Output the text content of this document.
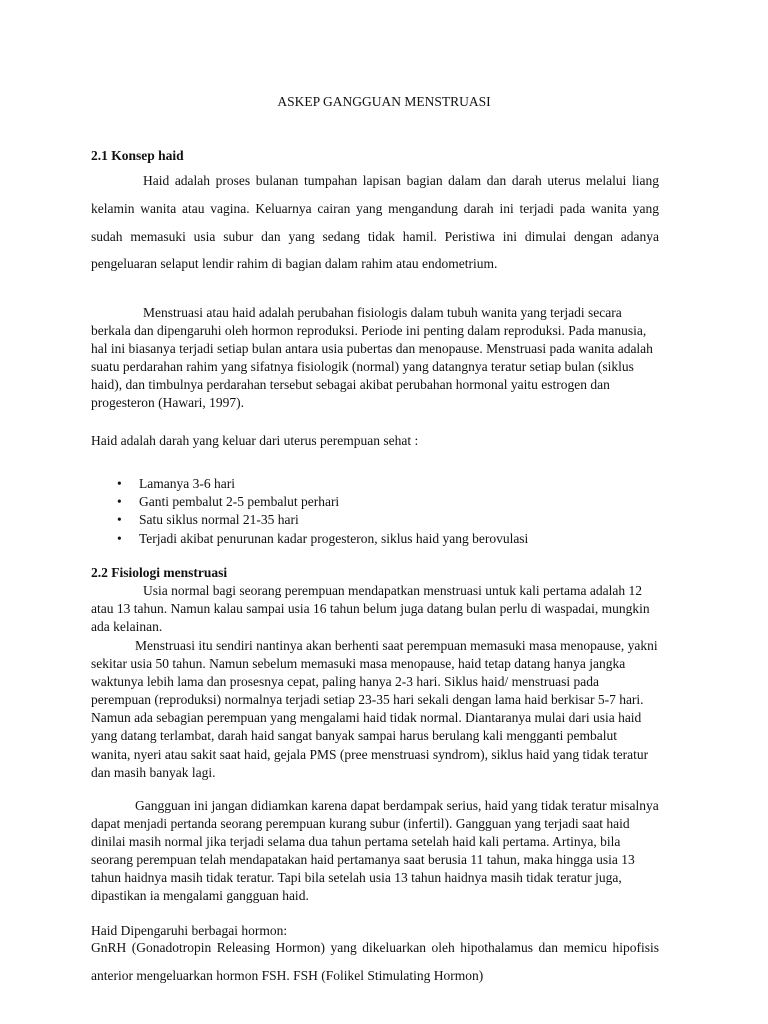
ASKEP GANGGUAN MENSTRUASI
2.1 Konsep haid

Haid adalah proses bulanan tumpahan lapisan bagian dalam dan darah uterus melalui liang kelamin wanita atau vagina. Keluarnya cairan yang mengandung darah ini terjadi pada wanita yang sudah memasuki usia subur dan yang sedang tidak hamil. Peristiwa ini dimulai dengan adanya pengeluaran selaput lendir rahim di bagian dalam rahim atau endometrium.

Menstruasi atau haid adalah perubahan fisiologis dalam tubuh wanita yang terjadi secara berkala dan dipengaruhi oleh hormon reproduksi. Periode ini penting dalam reproduksi. Pada manusia, hal ini biasanya terjadi setiap bulan antara usia pubertas dan menopause. Menstruasi pada wanita adalah suatu perdarahan rahim yang sifatnya fisiologik (normal) yang datangnya teratur setiap bulan (siklus haid), dan timbulnya perdarahan tersebut sebagai akibat perubahan hormonal yaitu estrogen dan progesteron (Hawari, 1997).

Haid adalah darah yang keluar dari uterus perempuan sehat :

• Lamanya 3-6 hari
• Ganti pembalut 2-5 pembalut perhari
• Satu siklus normal 21-35 hari
• Terjadi akibat penurunan kadar progesteron, siklus haid yang berovulasi
2.2 Fisiologi menstruasi

Usia normal bagi seorang perempuan mendapatkan menstruasi untuk kali pertama adalah 12 atau 13 tahun. Namun kalau sampai usia 16 tahun belum juga datang bulan perlu di waspadai, mungkin ada kelainan.

Menstruasi itu sendiri nantinya akan berhenti saat perempuan memasuki masa menopause, yakni sekitar usia 50 tahun. Namun sebelum memasuki masa menopause, haid tetap datang hanya jangka waktunya lebih lama dan prosesnya cepat, paling hanya 2-3 hari. Siklus haid/ menstruasi pada perempuan (reproduksi) normalnya terjadi setiap 23-35 hari sekali dengan lama haid berkisar 5-7 hari. Namun ada sebagian perempuan yang mengalami haid tidak normal. Diantaranya mulai dari usia haid yang datang terlambat, darah haid sangat banyak sampai harus berulang kali mengganti pembalut wanita, nyeri atau sakit saat haid, gejala PMS (pree menstruasi syndrom), siklus haid yang tidak teratur dan masih banyak lagi.

Gangguan ini jangan didiamkan karena dapat berdampak serius, haid yang tidak teratur misalnya dapat menjadi pertanda seorang perempuan kurang subur (infertil). Gangguan yang terjadi saat haid dinilai masih normal jika terjadi selama dua tahun pertama setelah haid kali pertama. Artinya, bila seorang perempuan telah mendapatakan haid pertamanya saat berusia 11 tahun, maka hingga usia 13 tahun haidnya masih tidak teratur. Tapi bila setelah usia 13 tahun haidnya masih tidak teratur juga, dipastikan ia mengalami gangguan haid.

Haid Dipengaruhi berbagai hormon:

GnRH (Gonadotropin Releasing Hormon) yang dikeluarkan oleh hipothalamus dan memicu hipofisis anterior mengeluarkan hormon FSH. FSH (Folikel Stimulating Hormon)
